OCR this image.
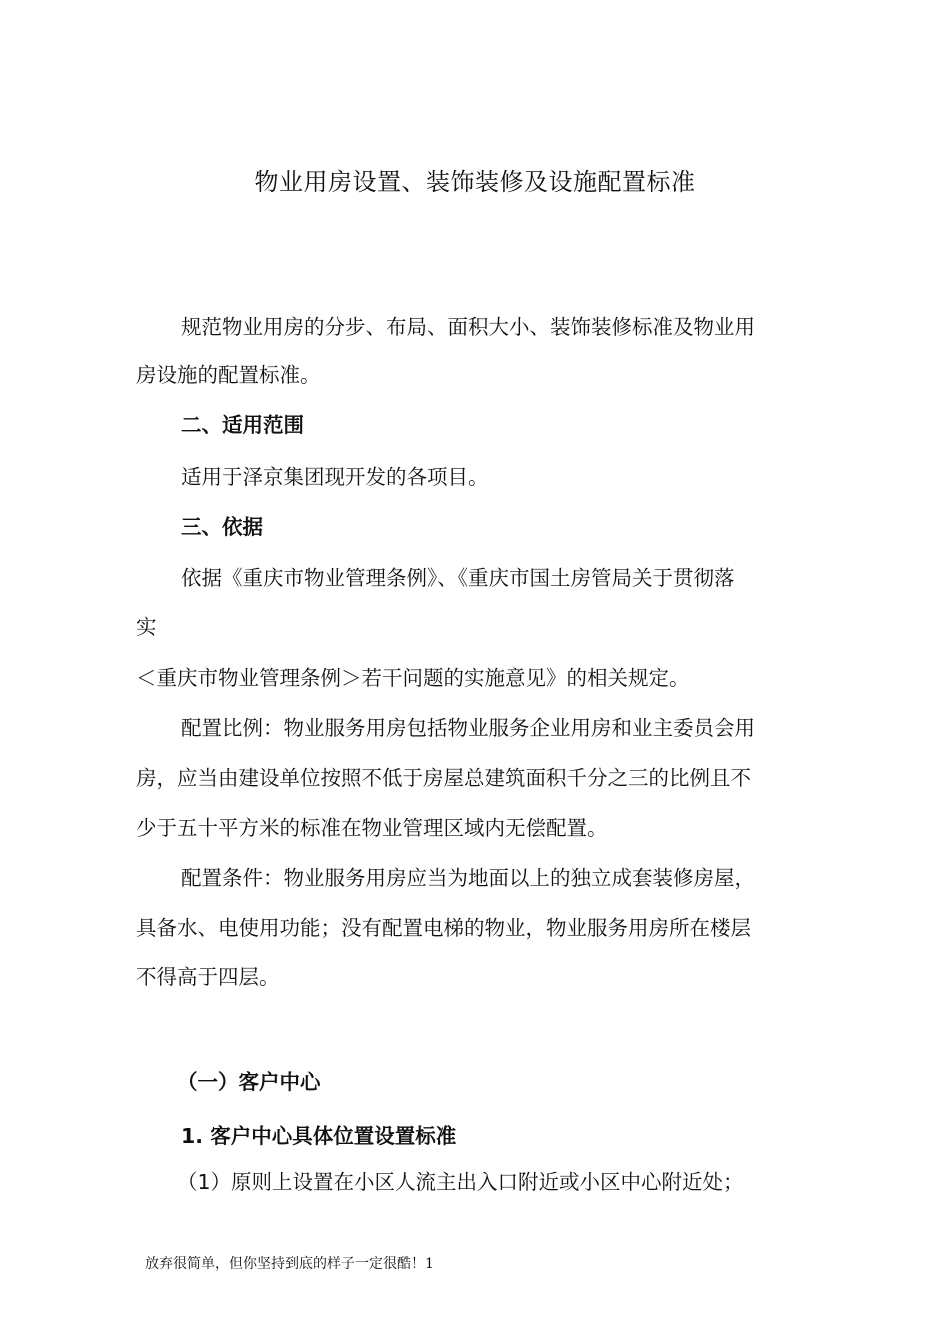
物业用房设置、装饰装修及设施配置标准
规范物业用房的分步、布局、面积大小、装饰装修标准及物业用
房设施的配置标准。
二、适用范围
适用于泽京集团现开发的各项目。
三、依据
依据《重庆市物业管理条例》、《重庆市国土房管局关于贯彻落
实
＜重庆市物业管理条例＞若干问题的实施意见》的相关规定。
配置比例：物业服务用房包括物业服务企业用房和业主委员会用
房，应当由建设单位按照不低于房屋总建筑面积千分之三的比例且不
少于五十平方米的标准在物业管理区域内无偿配置。
配置条件：物业服务用房应当为地面以上的独立成套装修房屋，
具备水、电使用功能；没有配置电梯的物业，物业服务用房所在楼层
不得高于四层。
（一）客户中心
1. 客户中心具体位置设置标准
（1）原则上设置在小区人流主出入口附近或小区中心附近处；
放弃很简单，但你坚持到底的样子一定很酷！1
